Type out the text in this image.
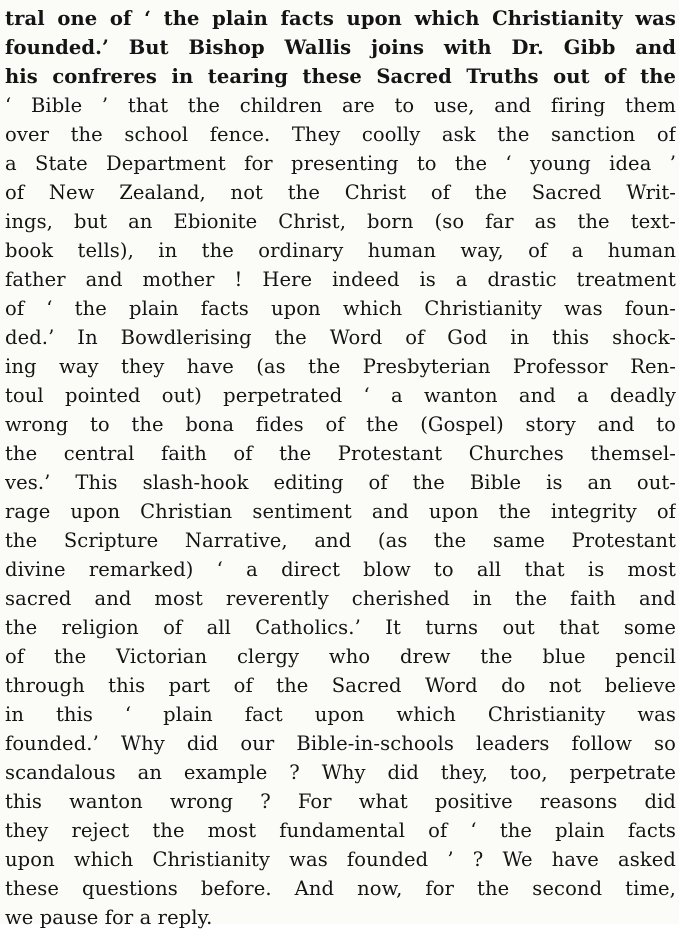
tral one of ‘ the plain facts upon which Christianity was
founded.’ But Bishop Wallis joins with Dr. Gibb and
his confreres in tearing these Sacred Truths out of the
‘ Bible ’ that the children are to use, and firing them
over the school fence. They coolly ask the sanction of
a State Department for presenting to the ‘ young idea ’
of New Zealand, not the Christ of the Sacred Writ-
ings, but an Ebionite Christ, born (so far as the text-
book tells), in the ordinary human way, of a human
father and mother ! Here indeed is a drastic treatment
of ‘ the plain facts upon which Christianity was foun-
ded.’ In Bowdlerising the Word of God in this shock-
ing way they have (as the Presbyterian Professor Ren-
toul pointed out) perpetrated ‘ a wanton and a deadly
wrong to the bona fides of the (Gospel) story and to
the central faith of the Protestant Churches themsel-
ves.’ This slash-hook editing of the Bible is an out-
rage upon Christian sentiment and upon the integrity of
the Scripture Narrative, and (as the same Protestant
divine remarked) ‘ a direct blow to all that is most
sacred and most reverently cherished in the faith and
the religion of all Catholics.’ It turns out that some
of the Victorian clergy who drew the blue pencil
through this part of the Sacred Word do not believe
in this ‘ plain fact upon which Christianity was
founded.’ Why did our Bible-in-schools leaders follow so
scandalous an example ? Why did they, too, perpetrate
this wanton wrong ? For what positive reasons did
they reject the most fundamental of ‘ the plain facts
upon which Christianity was founded ’ ? We have asked
these questions before. And now, for the second time,
we pause for a reply.
